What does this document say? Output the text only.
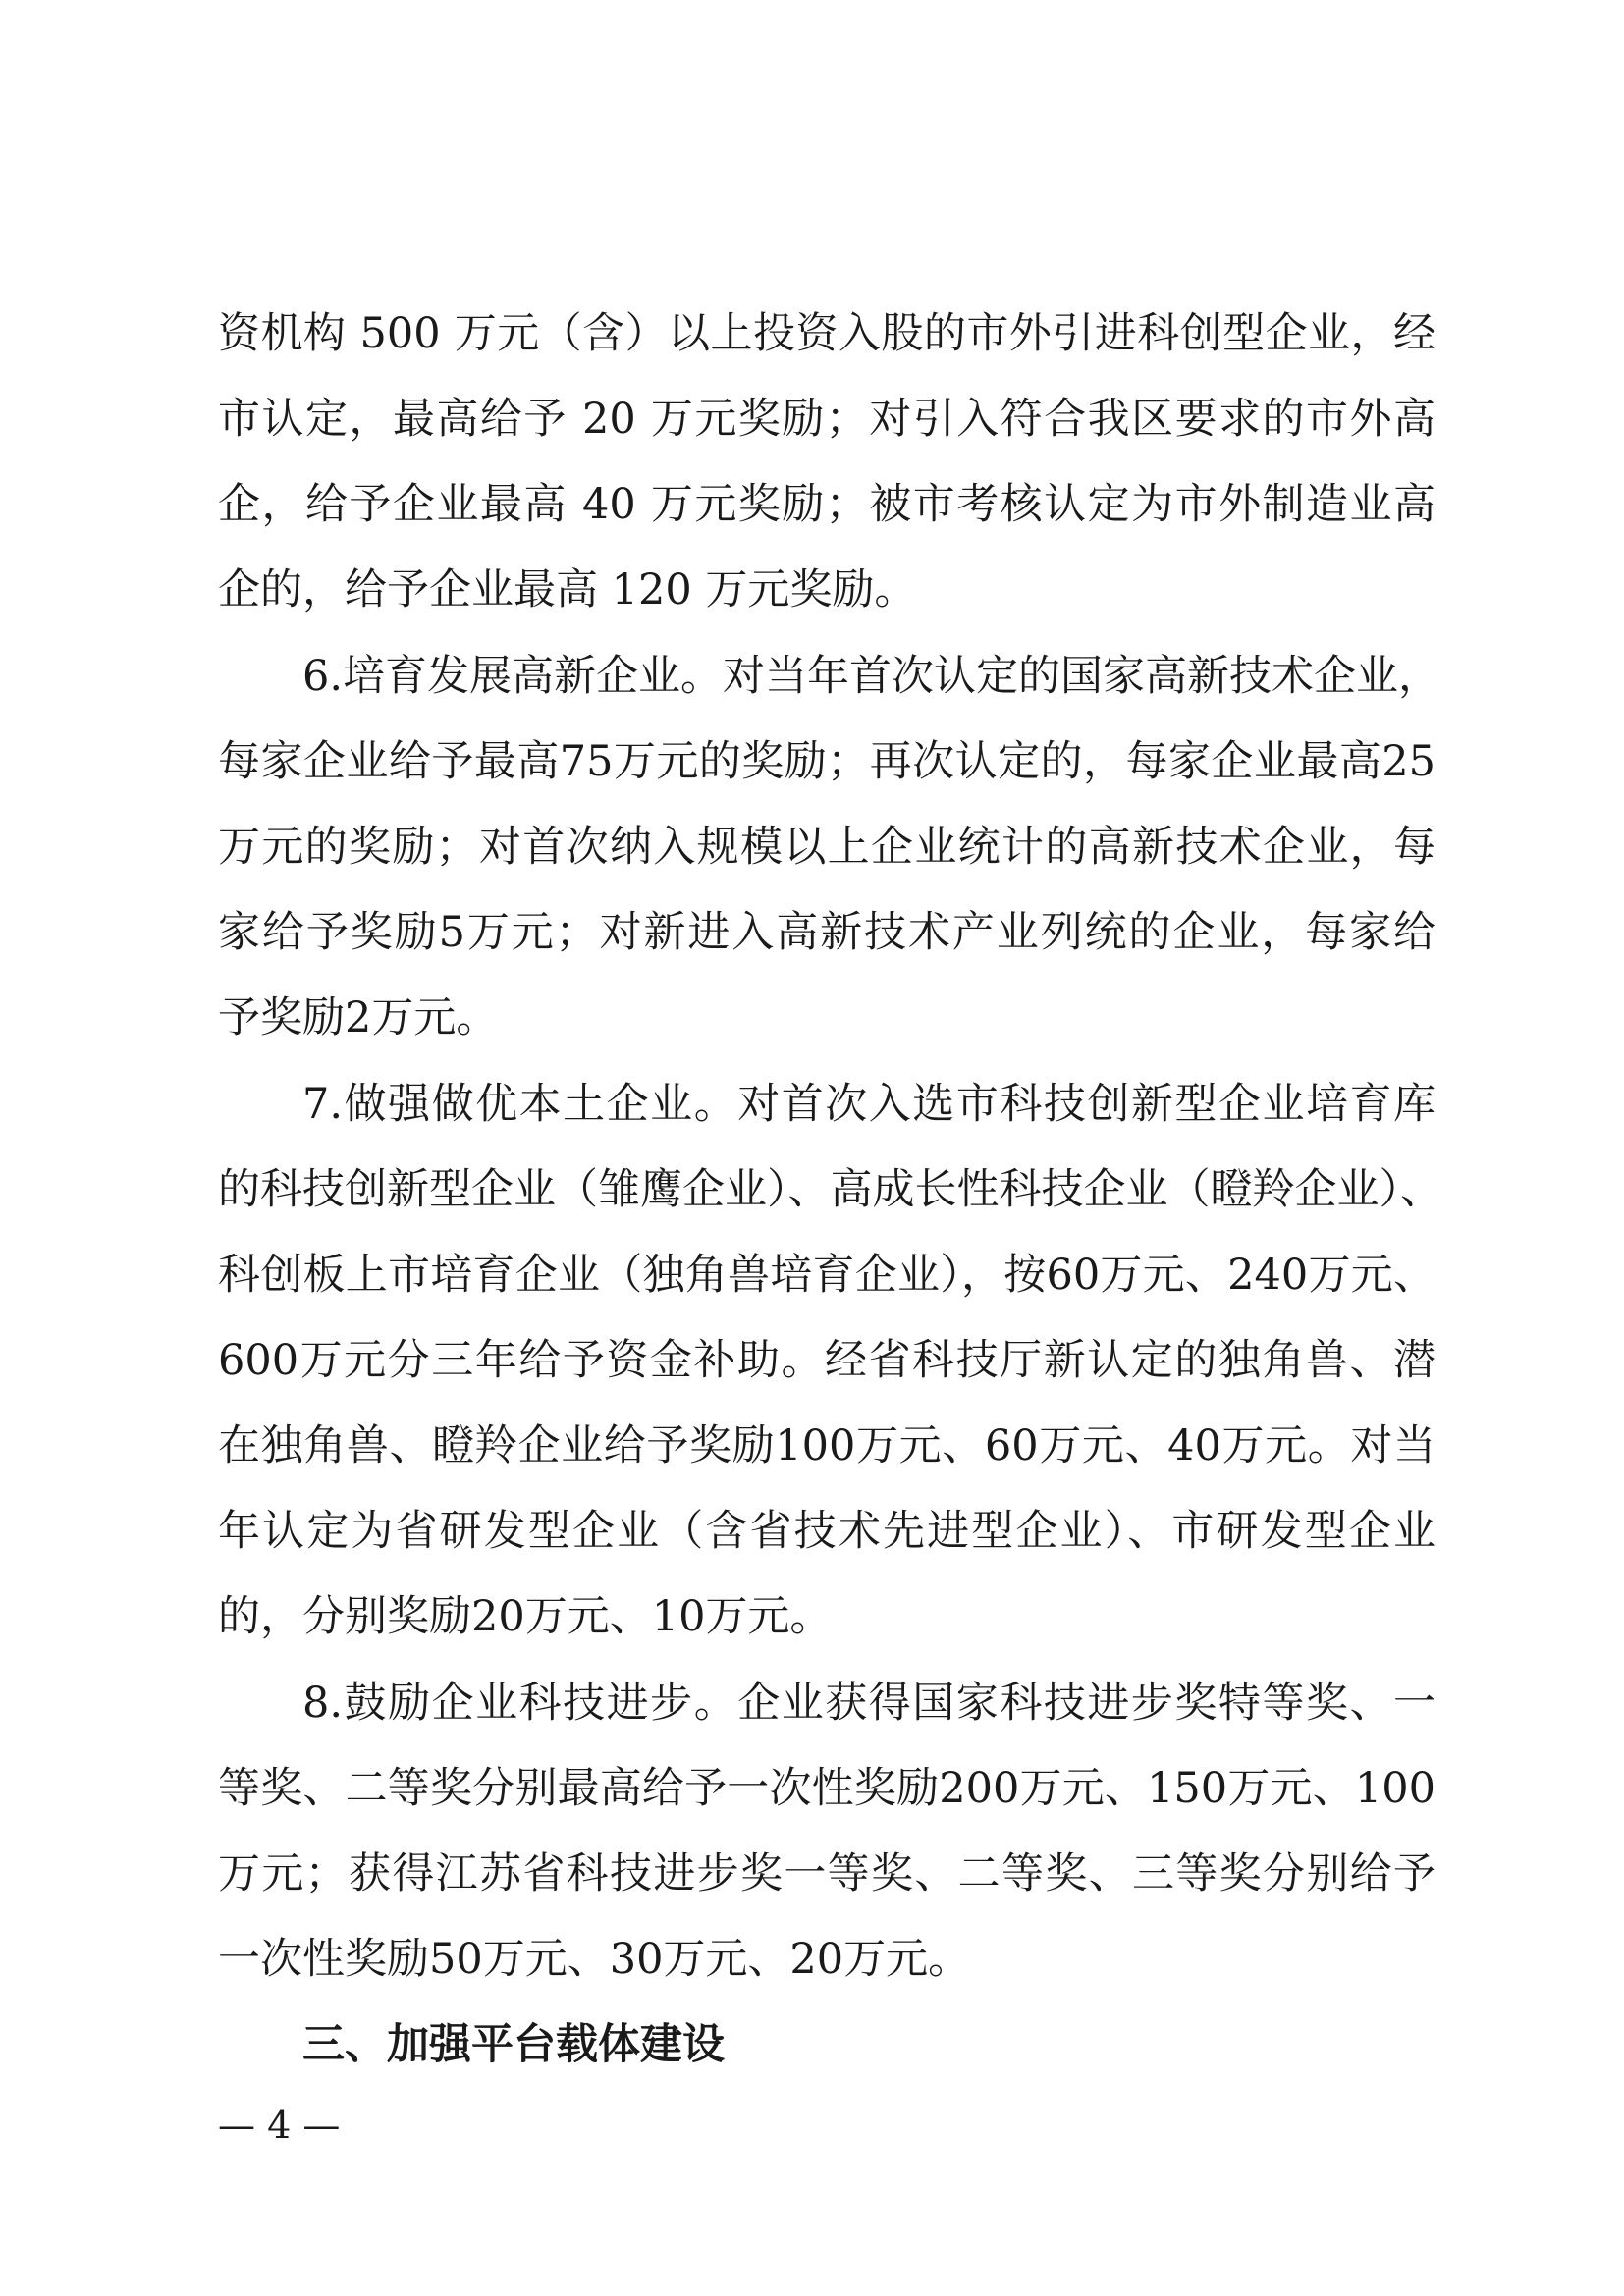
资机构 500 万元（含）以上投资入股的市外引进科创型企业，经
市认定，最高给予 20 万元奖励；对引入符合我区要求的市外高
企，给予企业最高 40 万元奖励；被市考核认定为市外制造业高
企的，给予企业最高 120 万元奖励。
6.培育发展高新企业。对当年首次认定的国家高新技术企业，
每家企业给予最高75万元的奖励；再次认定的，每家企业最高25
万元的奖励；对首次纳入规模以上企业统计的高新技术企业，每
家给予奖励5万元；对新进入高新技术产业列统的企业，每家给
予奖励2万元。
7.做强做优本土企业。对首次入选市科技创新型企业培育库
的科技创新型企业（雏鹰企业）、高成长性科技企业（瞪羚企业）、
科创板上市培育企业（独角兽培育企业），按60万元、240万元、
600万元分三年给予资金补助。经省科技厅新认定的独角兽、潜
在独角兽、瞪羚企业给予奖励100万元、60万元、40万元。对当
年认定为省研发型企业（含省技术先进型企业）、市研发型企业
的，分别奖励20万元、10万元。
8.鼓励企业科技进步。企业获得国家科技进步奖特等奖、一
等奖、二等奖分别最高给予一次性奖励200万元、150万元、100
万元；获得江苏省科技进步奖一等奖、二等奖、三等奖分别给予
一次性奖励50万元、30万元、20万元。
三、加强平台载体建设
— 4 —
